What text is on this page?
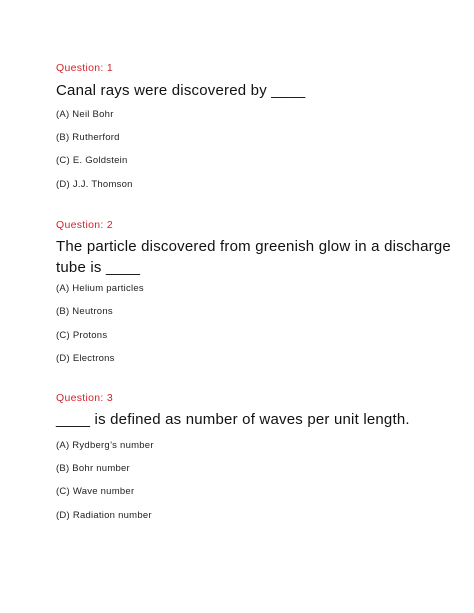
Question: 1
Canal rays were discovered by ____
(A) Neil Bohr
(B) Rutherford
(C) E. Goldstein
(D) J.J. Thomson
Question: 2
The particle discovered from greenish glow in a discharge tube is ____
(A) Helium particles
(B) Neutrons
(C) Protons
(D) Electrons
Question: 3
____ is defined as number of waves per unit length.
(A) Rydberg’s number
(B) Bohr number
(C) Wave number
(D) Radiation number
